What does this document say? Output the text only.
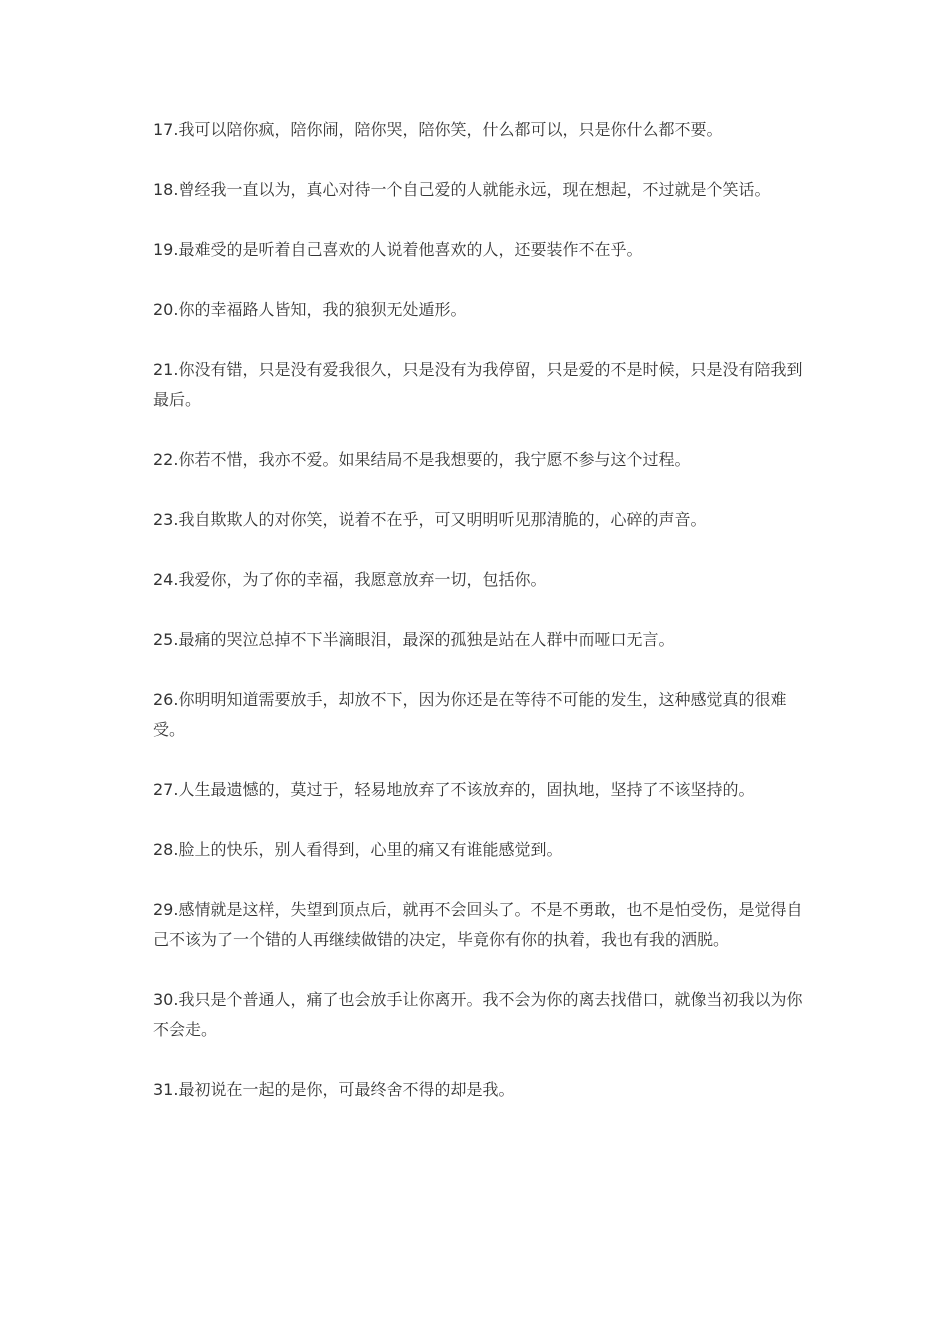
17.我可以陪你疯，陪你闹，陪你哭，陪你笑，什么都可以，只是你什么都不要。

18.曾经我一直以为，真心对待一个自己爱的人就能永远，现在想起，不过就是个笑话。

19.最难受的是听着自己喜欢的人说着他喜欢的人，还要装作不在乎。

20.你的幸福路人皆知，我的狼狈无处遁形。

21.你没有错，只是没有爱我很久，只是没有为我停留，只是爱的不是时候，只是没有陪我到最后。

22.你若不惜，我亦不爱。如果结局不是我想要的，我宁愿不参与这个过程。

23.我自欺欺人的对你笑，说着不在乎，可又明明听见那清脆的，心碎的声音。

24.我爱你，为了你的幸福，我愿意放弃一切，包括你。

25.最痛的哭泣总掉不下半滴眼泪，最深的孤独是站在人群中而哑口无言。

26.你明明知道需要放手，却放不下，因为你还是在等待不可能的发生，这种感觉真的很难受。

27.人生最遗憾的，莫过于，轻易地放弃了不该放弃的，固执地，坚持了不该坚持的。

28.脸上的快乐，别人看得到，心里的痛又有谁能感觉到。

29.感情就是这样，失望到顶点后，就再不会回头了。不是不勇敢，也不是怕受伤，是觉得自己不该为了一个错的人再继续做错的决定，毕竟你有你的执着，我也有我的洒脱。

30.我只是个普通人，痛了也会放手让你离开。我不会为你的离去找借口，就像当初我以为你不会走。

31.最初说在一起的是你，可最终舍不得的却是我。
